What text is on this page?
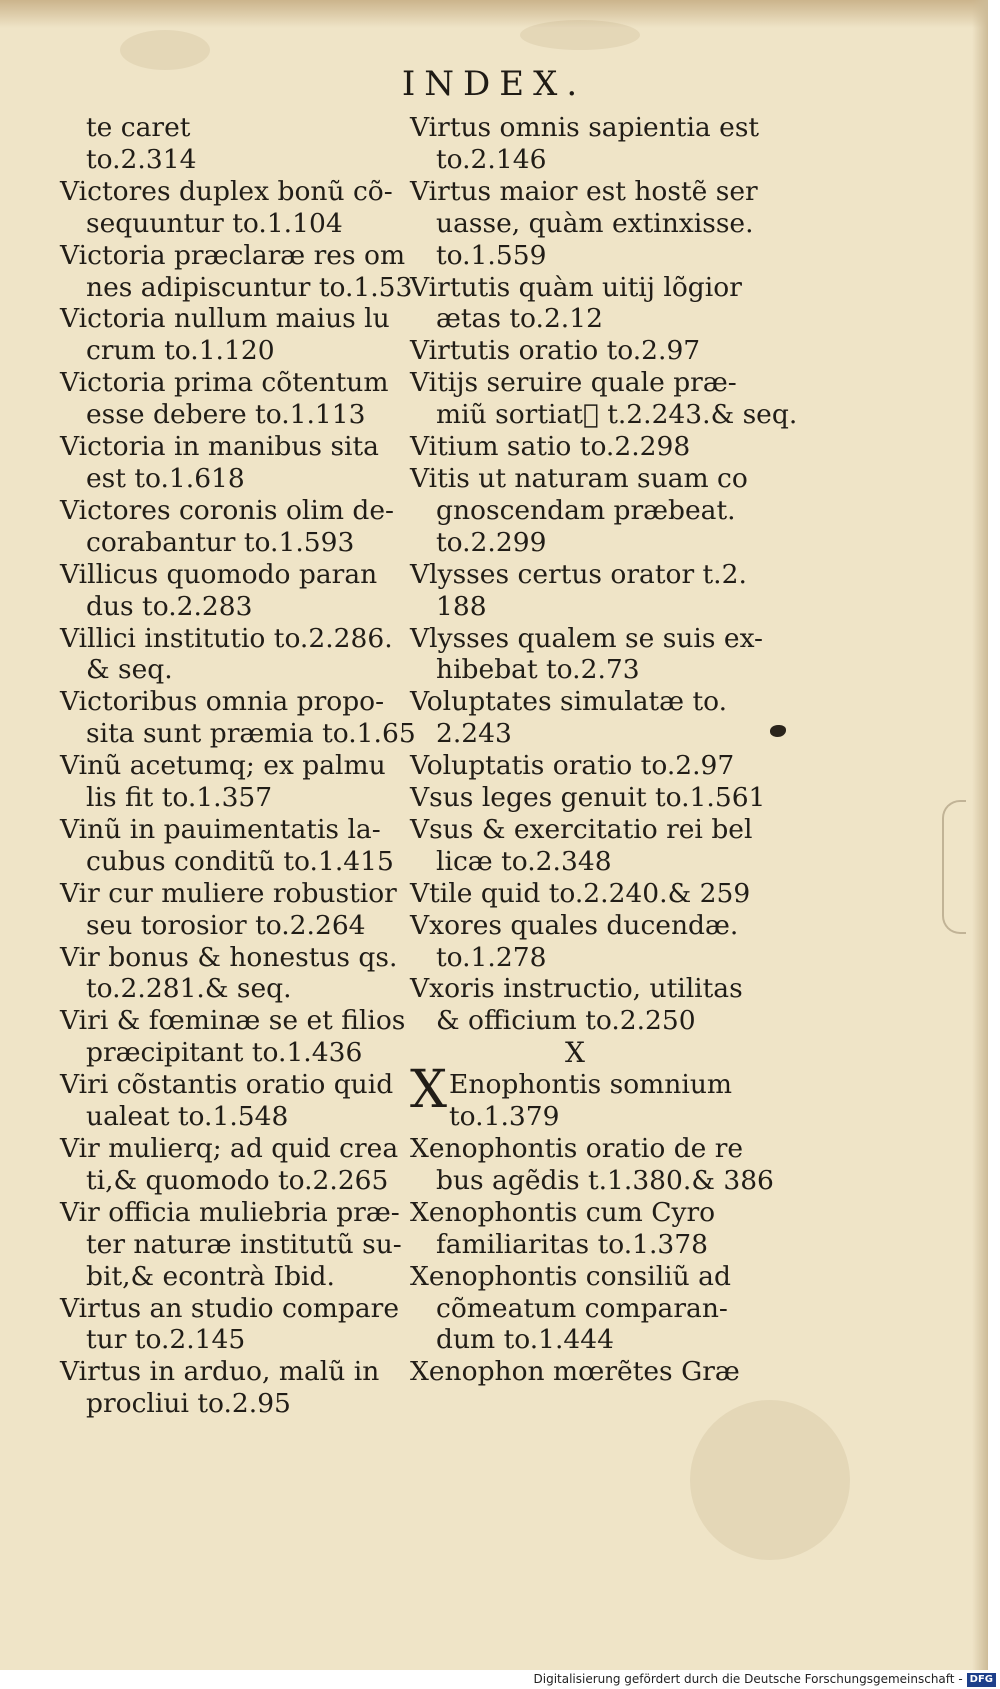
INDEX.
te caret
to.2.314
Victores duplex bonũ cõ-
sequuntur to.1.104
Victoria præclaræ res om
nes adipiscuntur to.1.53
Victoria nullum maius lu
crum to.1.120
Victoria prima cõtentum
esse debere to.1.113
Victoria in manibus sita
est to.1.618
Victores coronis olim de-
corabantur to.1.593
Villicus quomodo paran
dus to.2.283
Villici institutio to.2.286.
& seq.
Victoribus omnia propo-
sita sunt præmia to.1.65
Vinũ acetumq; ex palmu
lis fit to.1.357
Vinũ in pauimentatis la-
cubus conditũ to.1.415
Vir cur muliere robustior
seu torosior to.2.264
Vir bonus & honestus qs.
to.2.281.& seq.
Viri & fœminæ se et filios
præcipitant to.1.436
Viri cõstantis oratio quid
ualeat to.1.548
Vir mulierq; ad quid crea
ti,& quomodo to.2.265
Vir officia muliebria præ-
ter naturæ institutũ su-
bit,& econtrà Ibid.
Virtus an studio compare
tur to.2.145
Virtus in arduo, malũ in
procliui to.2.95
Virtus omnis sapientia est
to.2.146
Virtus maior est hostẽ ser
uasse, quàm extinxisse.
to.1.559
Virtutis quàm uitij lõgior
ætas to.2.12
Virtutis oratio to.2.97
Vitijs seruire quale præ-
miũ sortiatᷓ t.2.243.& seq.
Vitium satio to.2.298
Vitis ut naturam suam co
gnoscendam præbeat.
to.2.299
Vlysses certus orator t.2.
188
Vlysses qualem se suis ex-
hibebat to.2.73
Voluptates simulatæ to.
2.243
Voluptatis oratio to.2.97
Vsus leges genuit to.1.561
Vsus & exercitatio rei bel
licæ to.2.348
Vtile quid to.2.240.& 259
Vxores quales ducendæ.
to.1.278
Vxoris instructio, utilitas
& officium to.2.250
X
X Enophontis somnium
to.1.379
Xenophontis oratio de re
bus agẽdis t.1.380.& 386
Xenophontis cum Cyro
familiaritas to.1.378
Xenophontis consiliũ ad
cõmeatum comparan-
dum to.1.444
Xenophon mœrẽtes Græ
Digitalisierung gefördert durch die Deutsche Forschungsgemeinschaft - DFG
